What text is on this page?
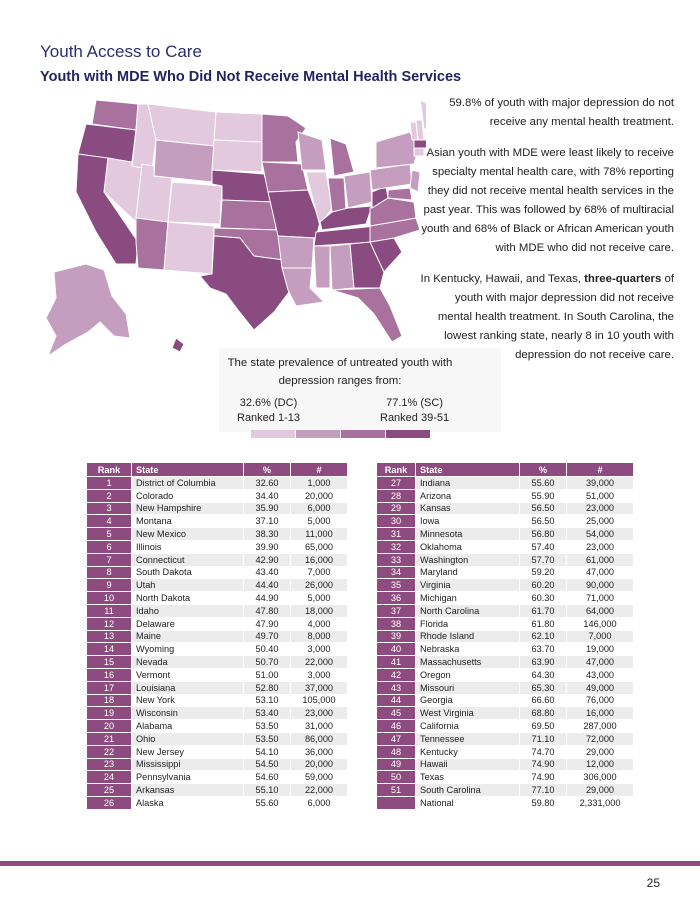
Youth Access to Care
Youth with MDE Who Did Not Receive Mental Health Services

59.8% of youth with major depression do not receive any mental health treatment.

Asian youth with MDE were least likely to receive specialty mental health care, with 78% reporting they did not receive mental health services in the past year. This was followed by 68% of multiracial youth and 68% of Black or African American youth with MDE who did not receive care.

In Kentucky, Hawaii, and Texas, three-quarters of youth with major depression did not receive mental health treatment. In South Carolina, the lowest ranking state, nearly 8 in 10 youth with depression do not receive care.

The state prevalence of untreated youth with depression ranges from:
32.6% (DC)
Ranked 1-13
77.1% (SC)
Ranked 39-51
Rank	State	%	#
1	District of Columbia	32.60	1,000
2	Colorado	34.40	20,000
3	New Hampshire	35.90	6,000
4	Montana	37.10	5,000
5	New Mexico	38.30	11,000
6	Illinois	39.90	65,000
7	Connecticut	42.90	16,000
8	South Dakota	43.40	7,000
9	Utah	44.40	26,000
10	North Dakota	44.90	5,000
11	Idaho	47.80	18,000
12	Delaware	47.90	4,000
13	Maine	49.70	8,000
14	Wyoming	50.40	3,000
15	Nevada	50.70	22,000
16	Vermont	51.00	3,000
17	Louisiana	52.80	37,000
18	New York	53.10	105,000
19	Wisconsin	53.40	23,000
20	Alabama	53.50	31,000
21	Ohio	53.50	86,000
22	New Jersey	54.10	36,000
23	Mississippi	54.50	20,000
24	Pennsylvania	54.60	59,000
25	Arkansas	55.10	22,000
26	Alaska	55.60	6,000
Rank	State	%	#
27	Indiana	55.60	39,000
28	Arizona	55.90	51,000
29	Kansas	56.50	23,000
30	Iowa	56.50	25,000
31	Minnesota	56.80	54,000
32	Oklahoma	57.40	23,000
33	Washington	57.70	61,000
34	Maryland	59.20	47,000
35	Virginia	60.20	90,000
36	Michigan	60.30	71,000
37	North Carolina	61.70	64,000
38	Florida	61.80	146,000
39	Rhode Island	62.10	7,000
40	Nebraska	63.70	19,000
41	Massachusetts	63.90	47,000
42	Oregon	64.30	43,000
43	Missouri	65.30	49,000
44	Georgia	66.60	76,000
45	West Virginia	68.80	16,000
46	California	69.50	287,000
47	Tennessee	71.10	72,000
48	Kentucky	74.70	29,000
49	Hawaii	74.90	12,000
50	Texas	74.90	306,000
51	South Carolina	77.10	29,000
	National	59.80	2,331,000
25
